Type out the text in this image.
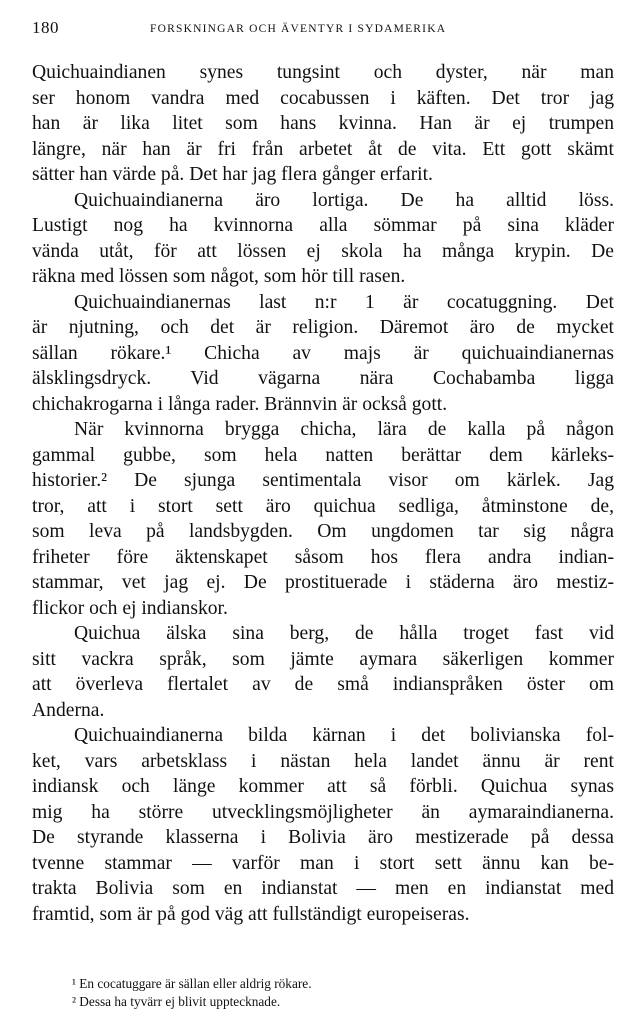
180	FORSKNINGAR OCH ÄVENTYR I SYDAMERIKA
Quichuaindianen synes tungsint och dyster, när man
ser honom vandra med cocabussen i käften. Det tror jag
han är lika litet som hans kvinna. Han är ej trumpen
längre, när han är fri från arbetet åt de vita. Ett gott skämt
sätter han värde på. Det har jag flera gånger erfarit.
Quichuaindianerna äro lortiga. De ha alltid löss.
Lustigt nog ha kvinnorna alla sömmar på sina kläder
vända utåt, för att lössen ej skola ha många krypin. De
räkna med lössen som något, som hör till rasen.
Quichuaindianernas last n:r 1 är cocatuggning. Det
är njutning, och det är religion. Däremot äro de mycket
sällan rökare.¹ Chicha av majs är quichuaindianernas
älsklingsdryck. Vid vägarna nära Cochabamba ligga
chichakrogarna i långa rader. Brännvin är också gott.
När kvinnorna brygga chicha, lära de kalla på någon
gammal gubbe, som hela natten berättar dem kärleks-
historier.² De sjunga sentimentala visor om kärlek. Jag
tror, att i stort sett äro quichua sedliga, åtminstone de,
som leva på landsbygden. Om ungdomen tar sig några
friheter före äktenskapet såsom hos flera andra indian-
stammar, vet jag ej. De prostituerade i städerna äro mestiz-
flickor och ej indianskor.
Quichua älska sina berg, de hålla troget fast vid
sitt vackra språk, som jämte aymara säkerligen kommer
att överleva flertalet av de små indianspråken öster om
Anderna.
Quichuaindianerna bilda kärnan i det bolivianska fol-
ket, vars arbetsklass i nästan hela landet ännu är rent
indiansk och länge kommer att så förbli. Quichua synas
mig ha större utvecklingsmöjligheter än aymaraindianerna.
De styrande klasserna i Bolivia äro mestizerade på dessa
tvenne stammar — varför man i stort sett ännu kan be-
trakta Bolivia som en indianstat — men en indianstat med
framtid, som är på god väg att fullständigt europeiseras.
¹ En cocatuggare är sällan eller aldrig rökare.
² Dessa ha tyvärr ej blivit upptecknade.
